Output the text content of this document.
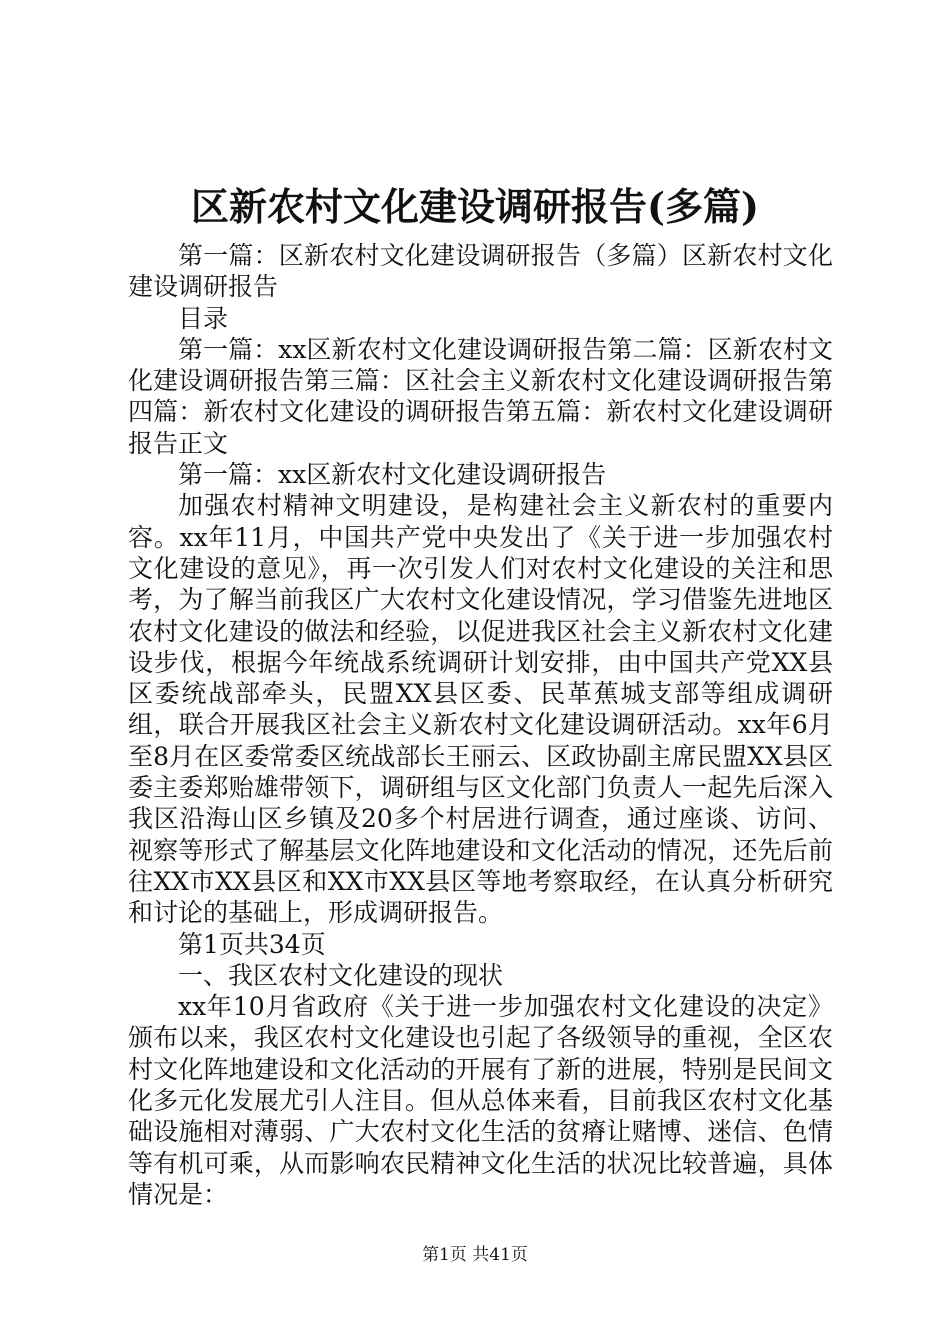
区新农村文化建设调研报告(多篇)

第一篇：区新农村文化建设调研报告（多篇）区新农村文化建设调研报告

目录

第一篇：xx区新农村文化建设调研报告第二篇：区新农村文化建设调研报告第三篇：区社会主义新农村文化建设调研报告第四篇：新农村文化建设的调研报告第五篇：新农村文化建设调研报告正文

第一篇：xx区新农村文化建设调研报告

加强农村精神文明建设，是构建社会主义新农村的重要内容。xx年11月，中国共产党中央发出了《关于进一步加强农村文化建设的意见》，再一次引发人们对农村文化建设的关注和思考，为了解当前我区广大农村文化建设情况，学习借鉴先进地区农村文化建设的做法和经验，以促进我区社会主义新农村文化建设步伐，根据今年统战系统调研计划安排，由中国共产党XX县区委统战部牵头，民盟XX县区委、民革蕉城支部等组成调研组，联合开展我区社会主义新农村文化建设调研活动。xx年6月至8月在区委常委区统战部长王丽云、区政协副主席民盟XX县区委主委郑贻雄带领下，调研组与区文化部门负责人一起先后深入我区沿海山区乡镇及20多个村居进行调查，通过座谈、访问、视察等形式了解基层文化阵地建设和文化活动的情况，还先后前往XX市XX县区和XX市XX县区等地考察取经，在认真分析研究和讨论的基础上，形成调研报告。

第1页共34页

一、我区农村文化建设的现状

xx年10月省政府《关于进一步加强农村文化建设的决定》颁布以来，我区农村文化建设也引起了各级领导的重视，全区农村文化阵地建设和文化活动的开展有了新的进展，特别是民间文化多元化发展尤引人注目。但从总体来看，目前我区农村文化基础设施相对薄弱、广大农村文化生活的贫瘠让赌博、迷信、色情等有机可乘，从而影响农民精神文化生活的状况比较普遍，具体情况是：

第1页 共41页
